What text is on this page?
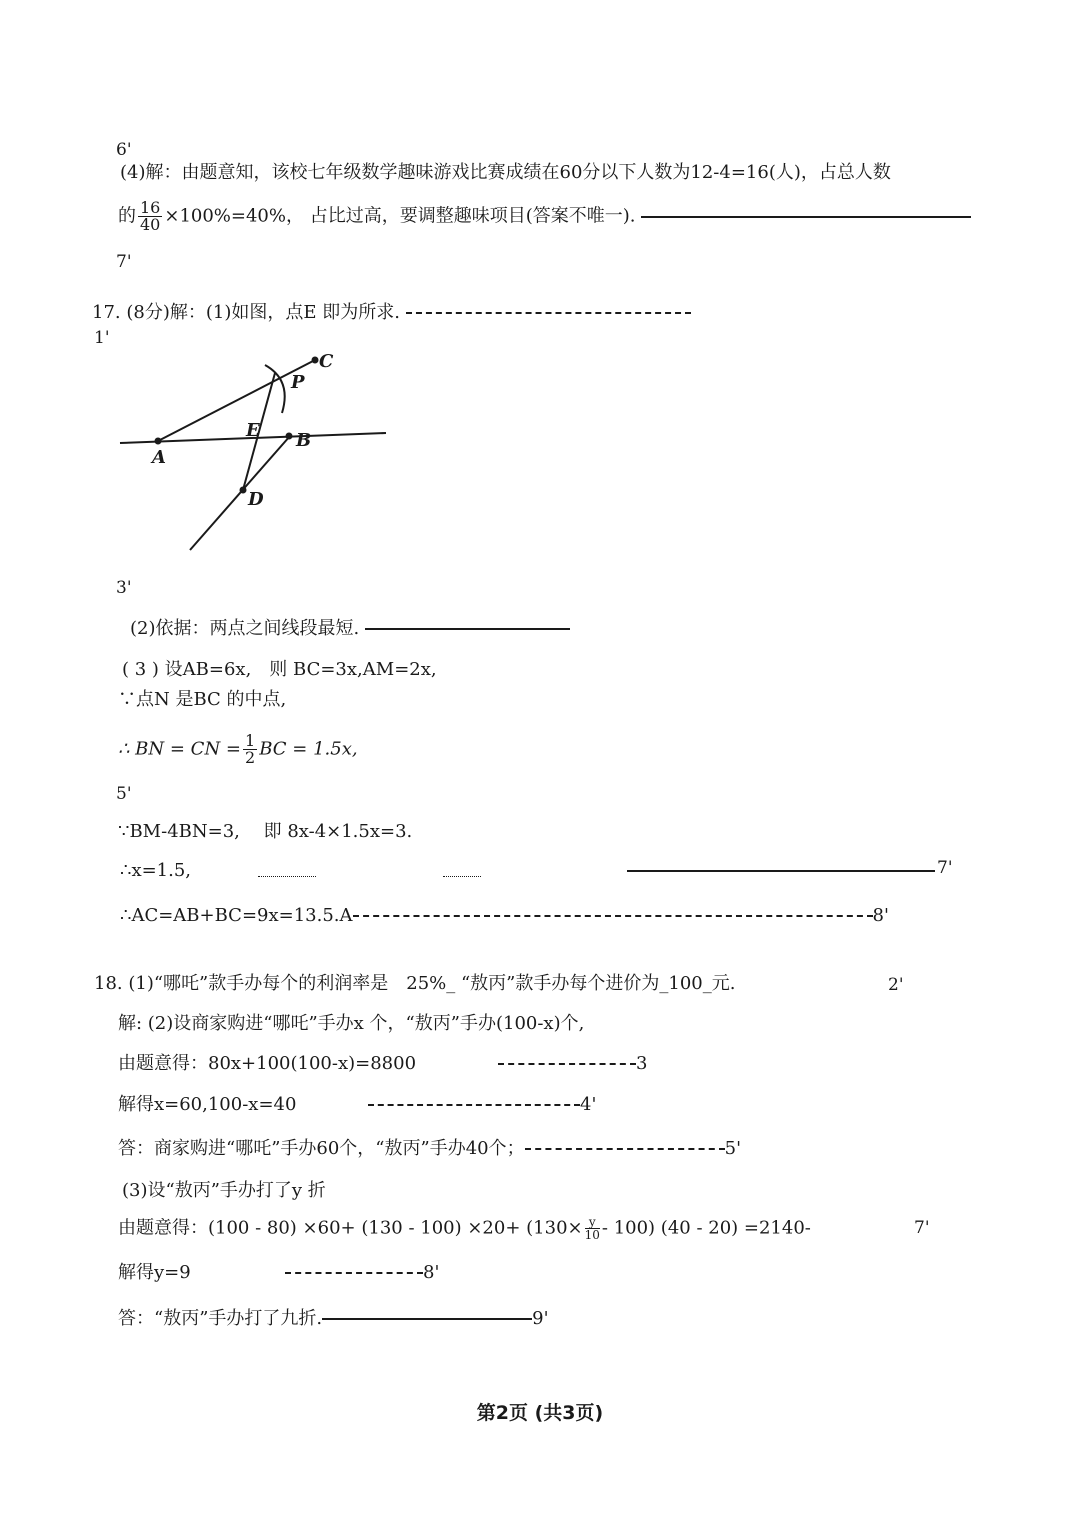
6'
(4)解：由题意知，该校七年级数学趣味游戏比赛成绩在60分以下人数为12-4=16(人)，占总人数
的 $\frac{16}{40} \times 100\%=40\%$， 占比过高，要调整趣味项目(答案不唯一).
7'
17. (8分)解：(1)如图，点E 即为所求.
1'
A
B
C
D
E
P
3'
(2)依据：两点之间线段最短.
( 3 ) 设AB=6x,　则 BC=3x,AM=2x,
∵点N 是BC 的中点,
∴ BN = CN = $\frac{1}{2}$ BC = 1.5x,
5'
∵BM-4BN=3,　 即 8x-4×1.5x=3.
∴x=1.5,	7'
∴AC=AB+BC=9x=13.5.A	8'
18. (1)“哪吒”款手办每个的利润率是　25%_ “敖丙”款手办每个进价为_100_元.	2'
解: (2)设商家购进“哪吒”手办x 个，“敖丙”手办(100-x)个,
由题意得：80x+100(100-x)=8800	3
解得x=60,100-x=40	4'
答：商家购进“哪吒”手办60个，“敖丙”手办40个；	5'
(3)设“敖丙”手办打了y 折
由题意得：$(100 - 80) \times 60+ (130 - 100) \times 20+ (130\times \frac{y}{10} - 100)$ (40 - 20) =2140-	7'
解得y=9	8'
答：“敖丙”手办打了九折.	9'
第2页 (共3页)
